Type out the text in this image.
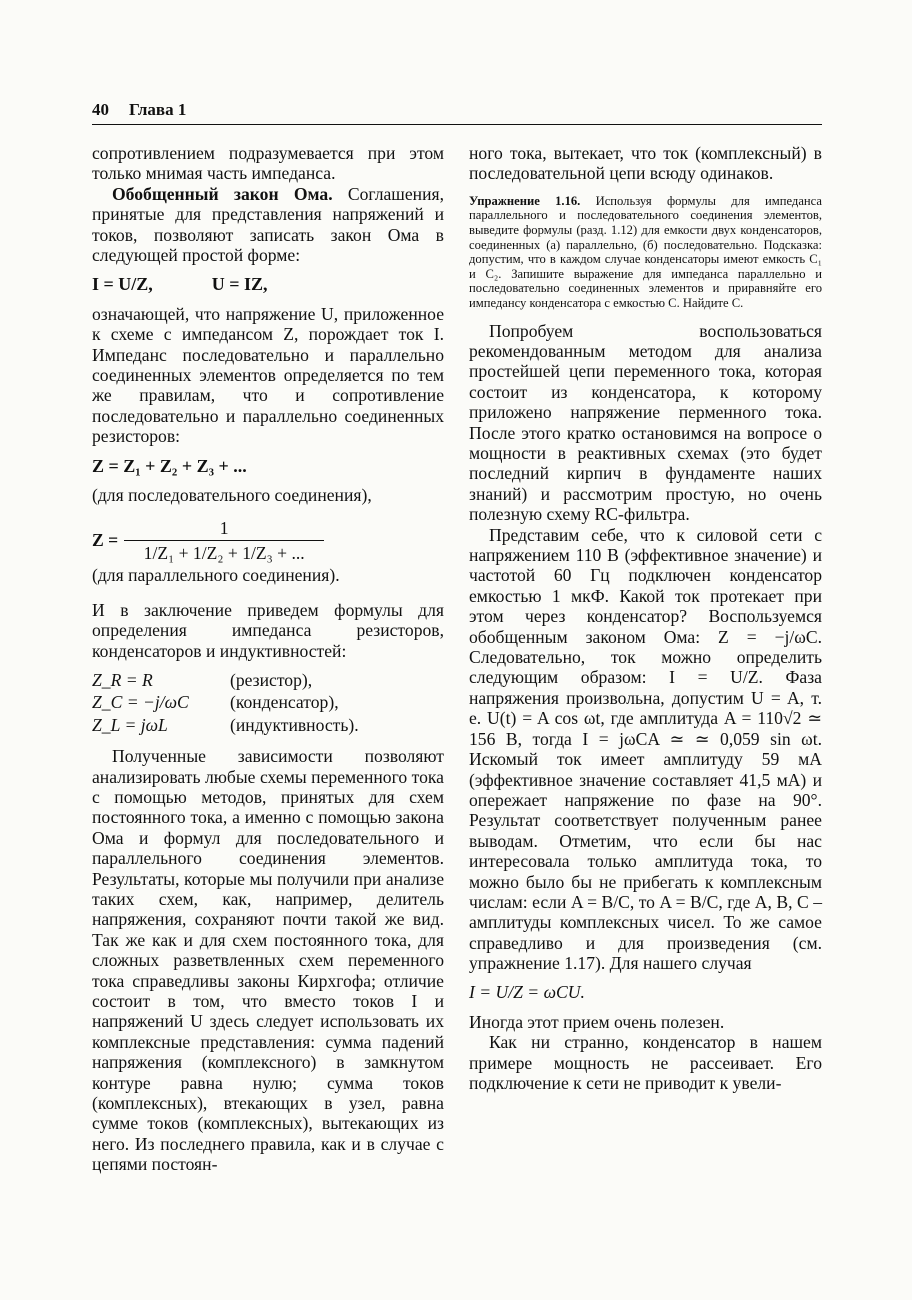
40 Глава 1

сопротивлением подразумевается при этом только мнимая часть импеданса.

Обобщенный закон Ома. Соглашения, принятые для представления напряжений и токов, позволяют записать закон Ома в следующей простой форме:

I = U/Z,	U = IZ,

означающей, что напряжение U, приложенное к схеме с импедансом Z, порождает ток I. Импеданс последовательно и параллельно соединенных элементов определяется по тем же правилам, что и сопротивление последовательно и параллельно соединенных резисторов:

Z = Z₁ + Z₂ + Z₃ + ...

(для последовательного соединения),

$Z = \frac{1}{\text{1/Z₁ + 1/Z₂ + 1/Z₃ + ...}}$

(для параллельного соединения).

И в заключение приведем формулы для определения импеданса резисторов, конденсаторов и индуктивностей:

Z_R = R	(резистор),
Z_C = −j/ωC	(конденсатор),
Z_L = jωL	(индуктивность).

Полученные зависимости позволяют анализировать любые схемы переменного тока с помощью методов, принятых для схем постоянного тока, а именно с помощью закона Ома и формул для последовательного и параллельного соединения элементов. Результаты, которые мы получили при анализе таких схем, как, например, делитель напряжения, сохраняют почти такой же вид. Так же как и для схем постоянного тока, для сложных разветвленных схем переменного тока справедливы законы Кирхгофа; отличие состоит в том, что вместо токов I и напряжений U здесь следует использовать их комплексные представления: сумма падений напряжения (комплексного) в замкнутом контуре равна нулю; сумма токов (комплексных), втекающих в узел, равна сумме токов (комплексных), вытекающих из него. Из последнего правила, как и в случае с цепями постоян-

ного тока, вытекает, что ток (комплексный) в последовательной цепи всюду одинаков.

Упражнение 1.16. Используя формулы для импеданса параллельного и последовательного соединения элементов, выведите формулы (разд. 1.12) для емкости двух конденсаторов, соединенных (а) параллельно, (б) последовательно. Подсказка: допустим, что в каждом случае конденсаторы имеют емкость C₁ и C₂. Запишите выражение для импеданса параллельно и последовательно соединенных элементов и приравняйте его импедансу конденсатора с емкостью C. Найдите C.

Попробуем воспользоваться рекомендованным методом для анализа простейшей цепи переменного тока, которая состоит из конденсатора, к которому приложено напряжение перменного тока. После этого кратко остановимся на вопросе о мощности в реактивных схемах (это будет последний кирпич в фундаменте наших знаний) и рассмотрим простую, но очень полезную схему RC-фильтра.

Представим себе, что к силовой сети с напряжением 110 В (эффективное значение) и частотой 60 Гц подключен конденсатор емкостью 1 мкФ. Какой ток протекает при этом через конденсатор? Воспользуемся обобщенным законом Ома: Z = −j/ωC. Следовательно, ток можно определить следующим образом: I = U/Z. Фаза напряжения произвольна, допустим U = A, т. е. U(t) = A cos ωt, где амплитуда A = 110√2 ≃ 156 В, тогда I = jωCA ≃ ≃ 0,059 sin ωt. Искомый ток имеет амплитуду 59 мА (эффективное значение составляет 41,5 мА) и опережает напряжение по фазе на 90°. Результат соответствует полученным ранее выводам. Отметим, что если бы нас интересовала только амплитуда тока, то можно было бы не прибегать к комплексным числам: если A = B/C, то A = B/C, где A, B, C – амплитуды комплексных чисел. То же самое справедливо и для произведения (см. упражнение 1.17). Для нашего случая

I = U/Z = ωCU.

Иногда этот прием очень полезен.

Как ни странно, конденсатор в нашем примере мощность не рассеивает. Его подключение к сети не приводит к увели-
